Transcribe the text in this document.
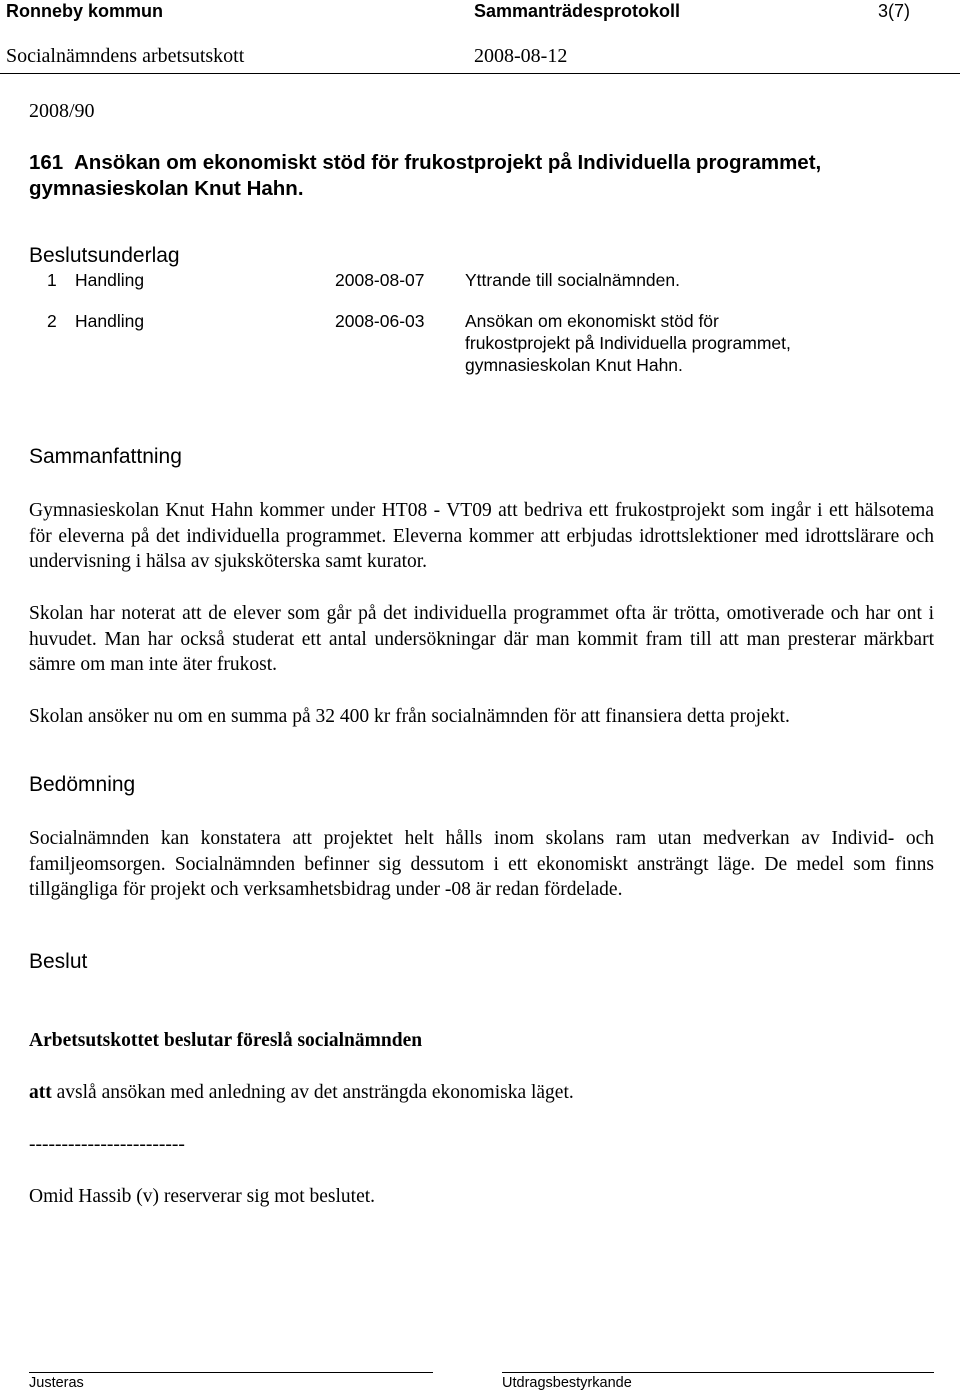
Ronneby kommun	Sammanträdesprotokoll	3(7)
Socialnämndens arbetsutskott	2008-08-12
2008/90
161 Ansökan om ekonomiskt stöd för frukostprojekt på Individuella programmet, gymnasieskolan Knut Hahn.
Beslutsunderlag
1 Handling	2008-08-07 Yttrande till socialnämnden.
2 Handling	2008-06-03 Ansökan om ekonomiskt stöd för frukostprojekt på Individuella programmet, gymnasieskolan Knut Hahn.
Sammanfattning
Gymnasieskolan Knut Hahn kommer under HT08 - VT09 att bedriva ett frukostprojekt som ingår i ett hälsotema för eleverna på det individuella programmet. Eleverna kommer att erbjudas idrottslektioner med idrottslärare och undervisning i hälsa av sjuksköterska samt kurator.
Skolan har noterat att de elever som går på det individuella programmet ofta är trötta, omotiverade och har ont i huvudet. Man har också studerat ett antal undersökningar där man kommit fram till att man presterar märkbart sämre om man inte äter frukost.
Skolan ansöker nu om en summa på 32 400 kr från socialnämnden för att finansiera detta projekt.
Bedömning
Socialnämnden kan konstatera att projektet helt hålls inom skolans ram utan medverkan av Individ- och familjeomsorgen. Socialnämnden befinner sig dessutom i ett ekonomiskt ansträngt läge. De medel som finns tillgängliga för projekt och verksamhetsbidrag under -08 är redan fördelade.
Beslut
Arbetsutskottet beslutar föreslå socialnämnden
att avslå ansökan med anledning av det ansträngda ekonomiska läget.
------------------------
Omid Hassib (v) reserverar sig mot beslutet.
Justeras	Utdragsbestyrkande
